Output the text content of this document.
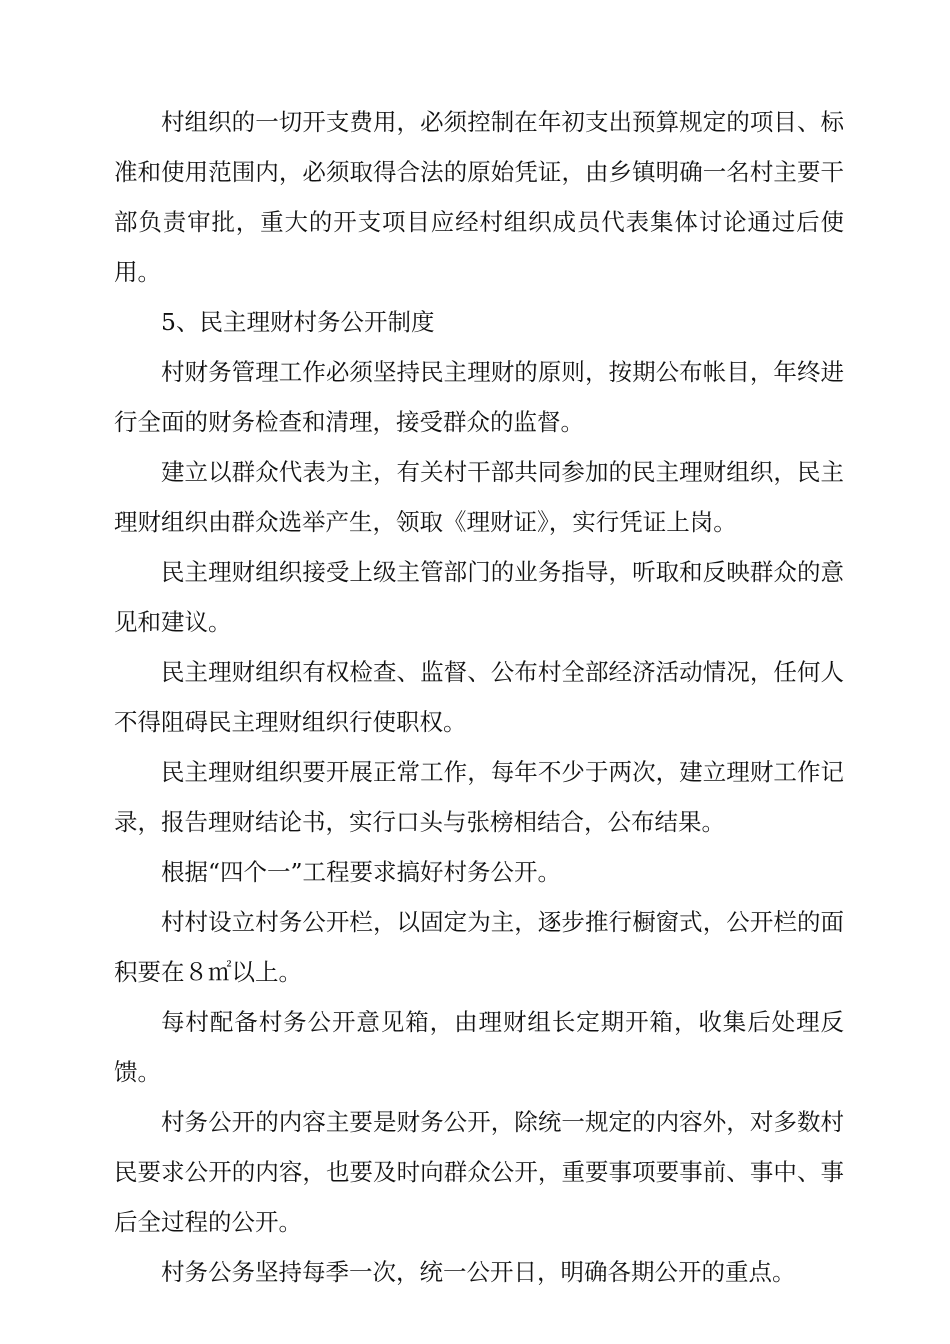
村组织的一切开支费用，必须控制在年初支出预算规定的项目、标准和使用范围内，必须取得合法的原始凭证，由乡镇明确一名村主要干部负责审批，重大的开支项目应经村组织成员代表集体讨论通过后使用。

5、民主理财村务公开制度

村财务管理工作必须坚持民主理财的原则，按期公布帐目，年终进行全面的财务检查和清理，接受群众的监督。

建立以群众代表为主，有关村干部共同参加的民主理财组织，民主理财组织由群众选举产生，领取《理财证》，实行凭证上岗。

民主理财组织接受上级主管部门的业务指导，听取和反映群众的意见和建议。

民主理财组织有权检查、监督、公布村全部经济活动情况，任何人不得阻碍民主理财组织行使职权。

民主理财组织要开展正常工作，每年不少于两次，建立理财工作记录，报告理财结论书，实行口头与张榜相结合，公布结果。

根据“四个一”工程要求搞好村务公开。

村村设立村务公开栏，以固定为主，逐步推行橱窗式，公开栏的面积要在８㎡以上。

每村配备村务公开意见箱，由理财组长定期开箱，收集后处理反馈。

村务公开的内容主要是财务公开，除统一规定的内容外，对多数村民要求公开的内容，也要及时向群众公开，重要事项要事前、事中、事后全过程的公开。

村务公务坚持每季一次，统一公开日，明确各期公开的重点。
